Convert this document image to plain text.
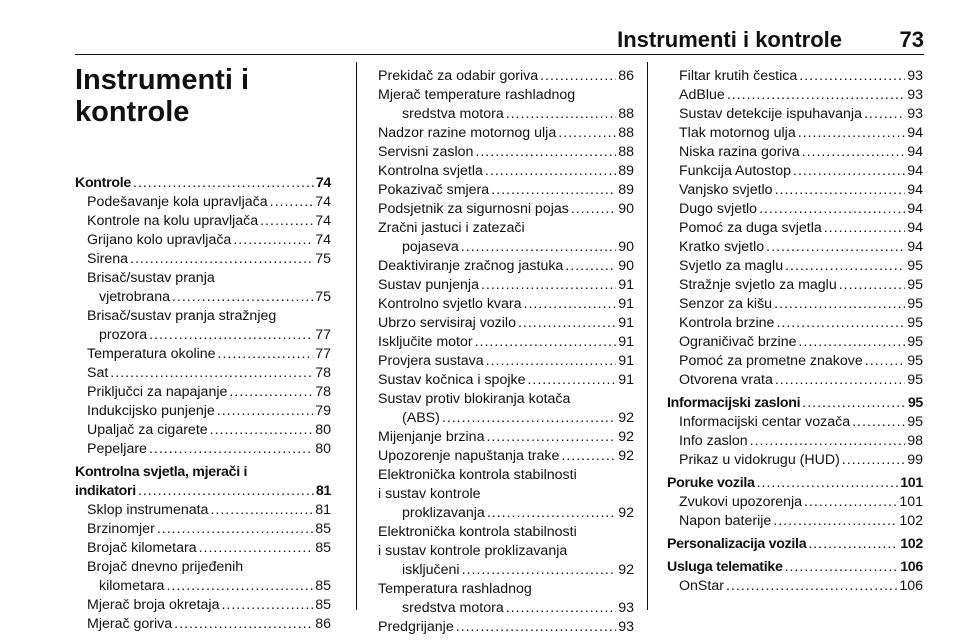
Instrumenti i kontrole	73
Instrumenti i
kontrole
Kontrole .....	74
Podešavanje kola upravljača .....	74
Kontrole na kolu upravljača .....	74
Grijano kolo upravljača .....	74
Sirena .....	75
Brisač/sustav pranja
vjetrobrana .....	75
Brisač/sustav pranja stražnjeg
prozora .....	77
Temperatura okoline .....	77
Sat .....	78
Priključci za napajanje .....	78
Indukcijsko punjenje .....	79
Upaljač za cigarete .....	80
Pepeljare .....	80
Kontrolna svjetla, mjerači i
indikatori .....	81
Sklop instrumenata .....	81
Brzinomjer .....	85
Brojač kilometara .....	85
Brojač dnevno prijeđenih
kilometara .....	85
Mjerač broja okretaja .....	85
Mjerač goriva .....	86
Prekidač za odabir goriva .....	86
Mjerač temperature rashladnog
sredstva motora .....	88
Nadzor razine motornog ulja .....	88
Servisni zaslon .....	88
Kontrolna svjetla .....	89
Pokazivač smjera .....	89
Podsjetnik za sigurnosni pojas .....	90
Zračni jastuci i zatezači
pojaseva .....	90
Deaktiviranje zračnog jastuka .....	90
Sustav punjenja .....	91
Kontrolno svjetlo kvara .....	91
Ubrzo servisiraj vozilo .....	91
Isključite motor .....	91
Provjera sustava .....	91
Sustav kočnica i spojke .....	91
Sustav protiv blokiranja kotača
(ABS) .....	92
Mijenjanje brzina .....	92
Upozorenje napuštanja trake .....	92
Elektronička kontrola stabilnosti
i sustav kontrole
proklizavanja .....	92
Elektronička kontrola stabilnosti
i sustav kontrole proklizavanja
isključeni .....	92
Temperatura rashladnog
sredstva motora .....	93
Predgrijanje .....	93
Filtar krutih čestica .....	93
AdBlue .....	93
Sustav detekcije ispuhavanja .....	93
Tlak motornog ulja .....	94
Niska razina goriva .....	94
Funkcija Autostop .....	94
Vanjsko svjetlo .....	94
Dugo svjetlo .....	94
Pomoć za duga svjetla .....	94
Kratko svjetlo .....	94
Svjetlo za maglu .....	95
Stražnje svjetlo za maglu .....	95
Senzor za kišu .....	95
Kontrola brzine .....	95
Ograničivač brzine .....	95
Pomoć za prometne znakove .....	95
Otvorena vrata .....	95
Informacijski zasloni .....	95
Informacijski centar vozača .....	95
Info zaslon .....	98
Prikaz u vidokrugu (HUD) .....	99
Poruke vozila .....	101
Zvukovi upozorenja .....	101
Napon baterije .....	102
Personalizacija vozila .....	102
Usluga telematike .....	106
OnStar .....	106
